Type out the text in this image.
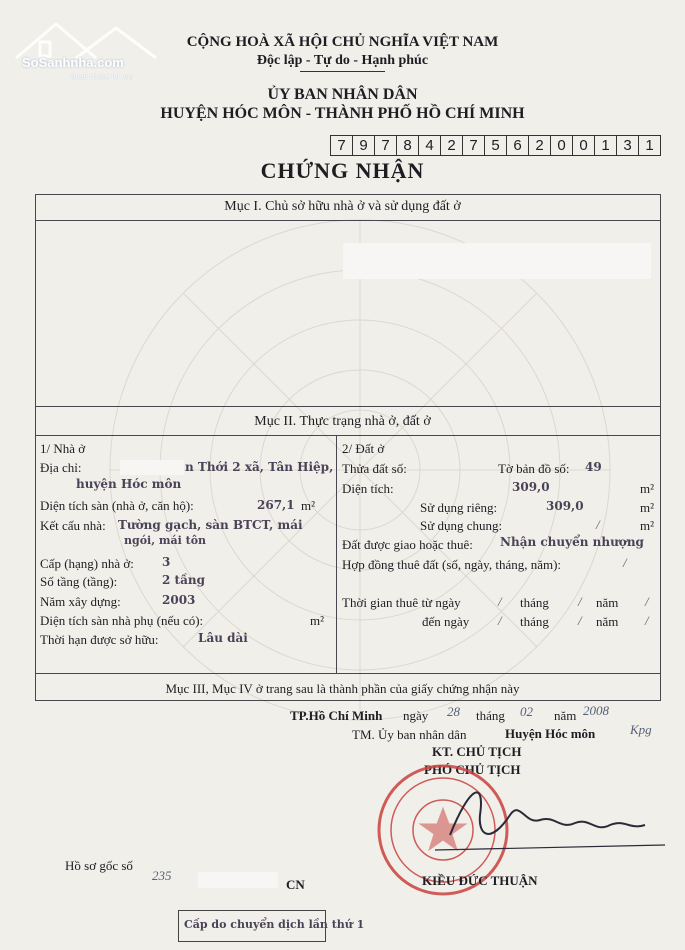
SoSanhnha.com
Great choice for you
CỘNG HOÀ XÃ HỘI CHỦ NGHĨA VIỆT NAM
Độc lập - Tự do - Hạnh phúc
ỦY BAN NHÂN DÂN
HUYỆN HÓC MÔN - THÀNH PHỐ HỒ CHÍ MINH
7 9 7 8 4 2 7 5 6 2 0 0 1 3 1
CHỨNG NHẬN
Mục I. Chủ sở hữu nhà ở và sử dụng đất ở
Mục II. Thực trạng nhà ở, đất ở
1/ Nhà ở
Địa chỉ:	n Thới 2 xã, Tân Hiệp,
huyện Hóc môn
Diện tích sàn (nhà ở, căn hộ):	267,1 m²
Kết cấu nhà: Tường gạch, sàn BTCT, mái
ngói, mái tôn
Cấp (hạng) nhà ở: 3
Số tầng (tầng):	2 tầng
Năm xây dựng:	2003
Diện tích sàn nhà phụ (nếu có):	m²
Thời hạn được sở hữu:	Lâu dài
2/ Đất ở
Thửa đất số:	Tờ bản đồ số: 49
Diện tích:	309,0	m²
Sử dụng riêng:	309,0	m²
Sử dụng chung:	/	m²
Đất được giao hoặc thuê: Nhận chuyển nhượng
Hợp đồng thuê đất (số, ngày, tháng, năm):	/
Thời gian thuê từ ngày	/ tháng / năm /
đến ngày / tháng / năm /
Mục III, Mục IV ở trang sau là thành phần của giấy chứng nhận này
TP.Hồ Chí Minh ngày 28 tháng 02 năm 2008
TM. Ủy ban nhân dân	Huyện Hóc môn	Kpg
KT. CHỦ TỊCH
PHÓ CHỦ TỊCH
KIỀU ĐỨC THUẬN
Hồ sơ gốc số
235
CN
Cấp do chuyển dịch lần thứ 1
